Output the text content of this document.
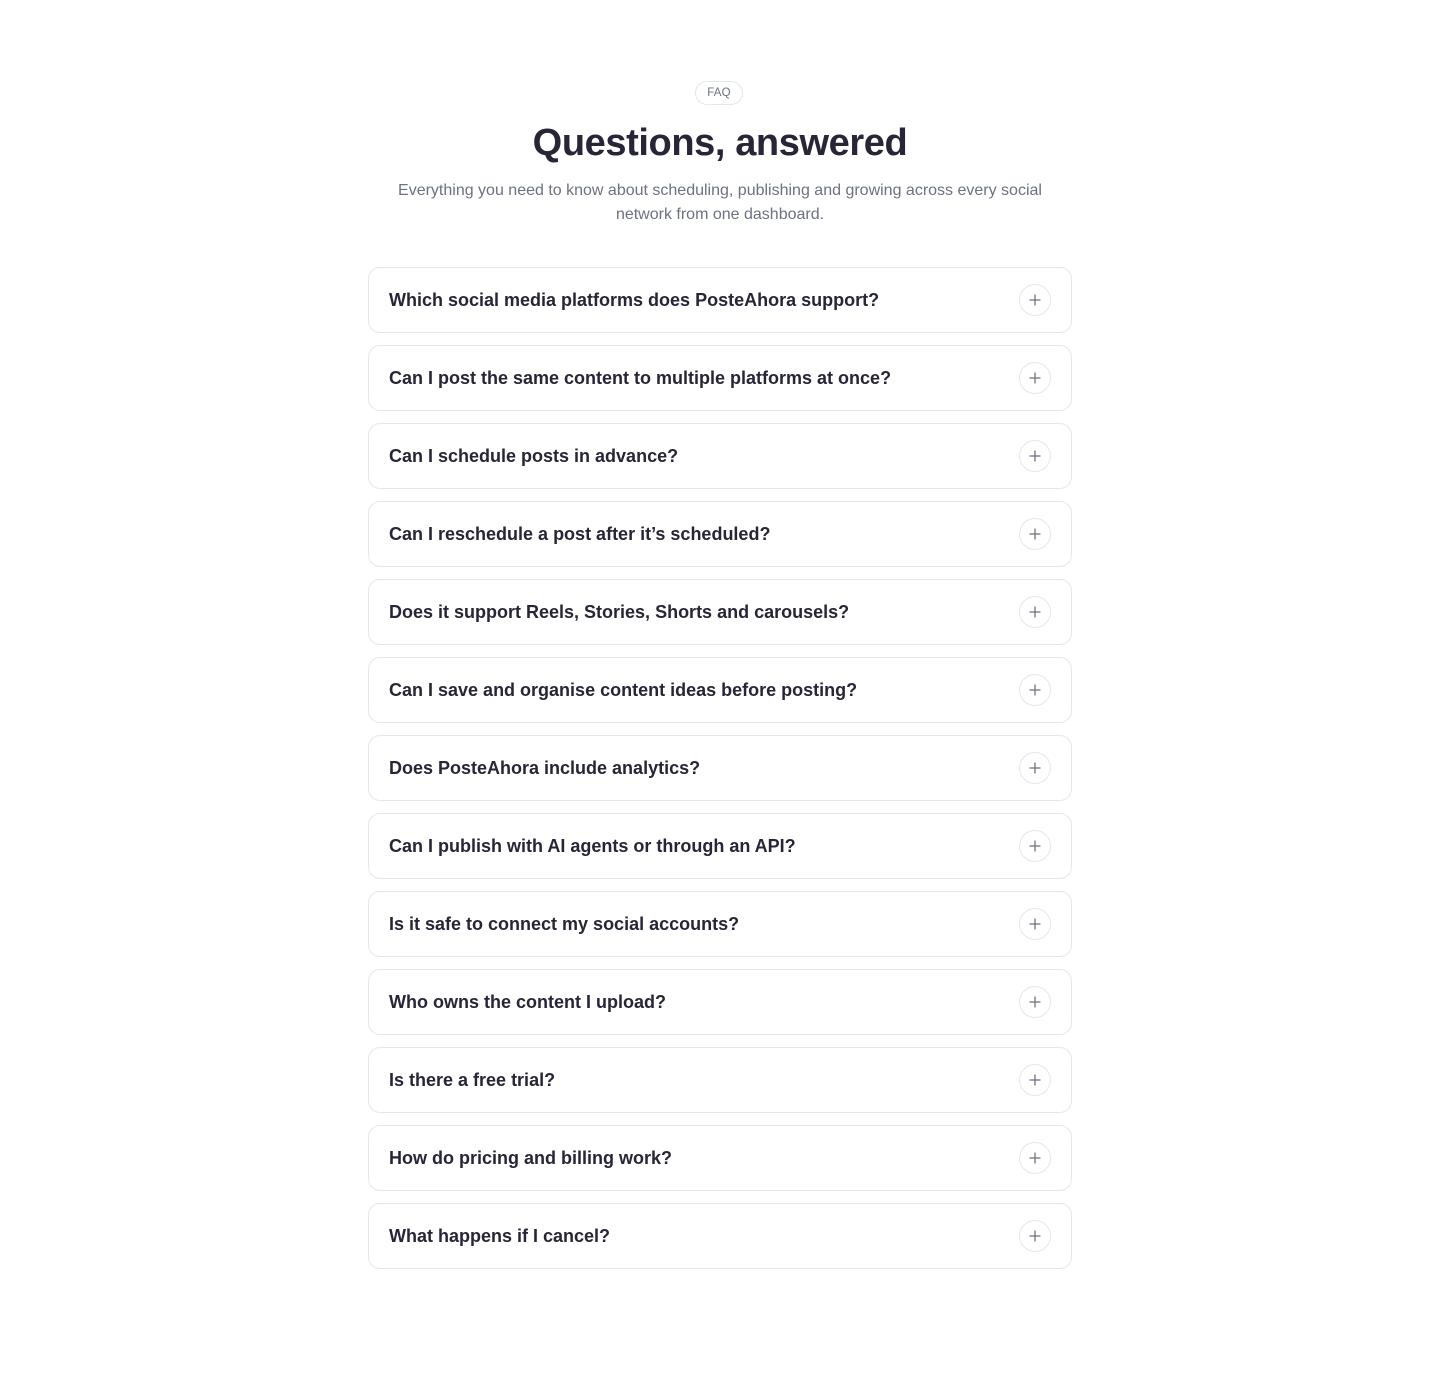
FAQ
Questions, answered

Everything you need to know about scheduling, publishing and growing across every social network from one dashboard.

Which social media platforms does PosteAhora support?
Can I post the same content to multiple platforms at once?
Can I schedule posts in advance?
Can I reschedule a post after it’s scheduled?
Does it support Reels, Stories, Shorts and carousels?
Can I save and organise content ideas before posting?
Does PosteAhora include analytics?
Can I publish with AI agents or through an API?
Is it safe to connect my social accounts?
Who owns the content I upload?
Is there a free trial?
How do pricing and billing work?
What happens if I cancel?
